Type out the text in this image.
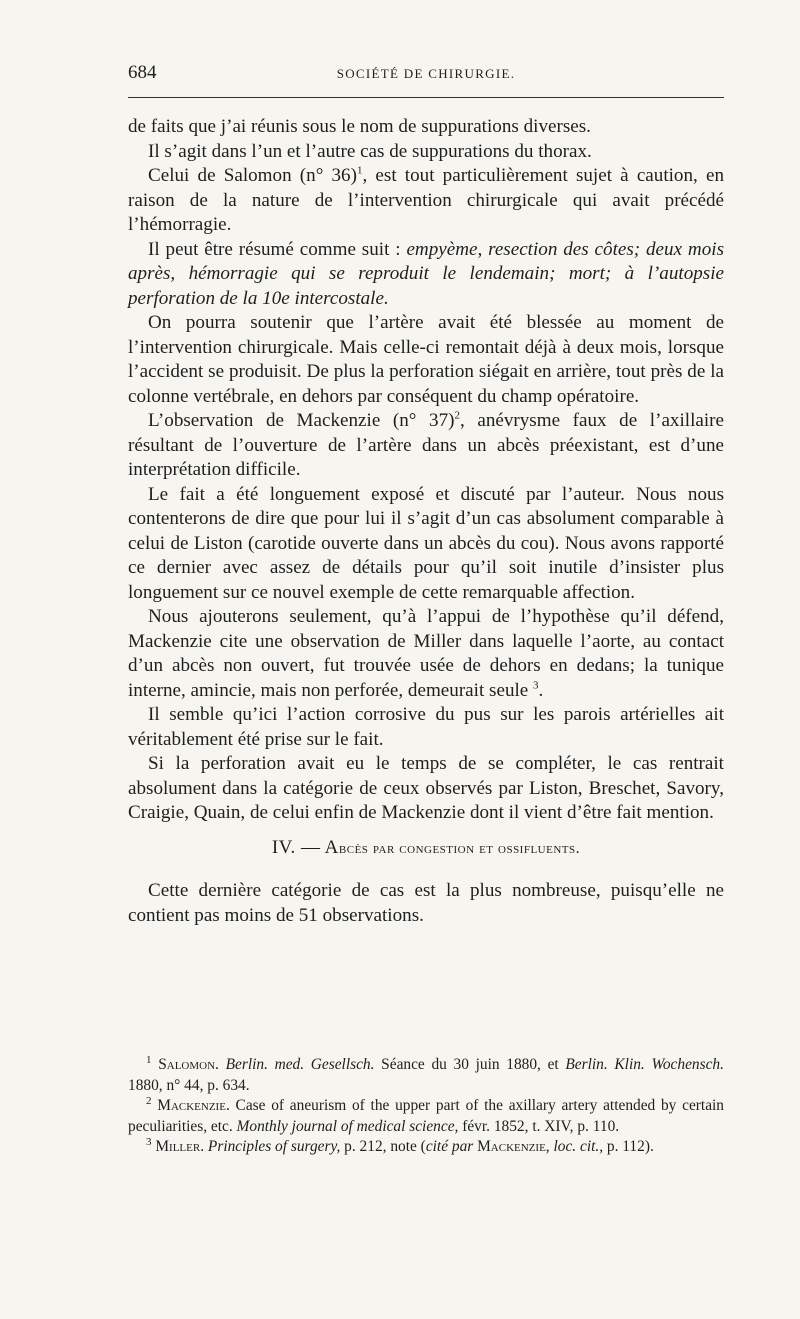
684	SOCIÉTÉ DE CHIRURGIE.

de faits que j’ai réunis sous le nom de suppurations diverses.

Il s’agit dans l’un et l’autre cas de suppurations du thorax.

Celui de Salomon (n° 36)$^1$, est tout particulièrement sujet à caution, en raison de la nature de l’intervention chirurgicale qui avait précédé l’hémorragie.

Il peut être résumé comme suit : empyème, resection des côtes; deux mois après, hémorragie qui se reproduit le lendemain; mort; à l’autopsie perforation de la 10e intercostale.

On pourra soutenir que l’artère avait été blessée au moment de l’intervention chirurgicale. Mais celle-ci remontait déjà à deux mois, lorsque l’accident se produisit. De plus la perforation siégait en arrière, tout près de la colonne vertébrale, en dehors par conséquent du champ opératoire.

L’observation de Mackenzie (n° 37)$^2$, anévrysme faux de l’axillaire résultant de l’ouverture de l’artère dans un abcès préexistant, est d’une interprétation difficile.

Le fait a été longuement exposé et discuté par l’auteur. Nous nous contenterons de dire que pour lui il s’agit d’un cas absolument comparable à celui de Liston (carotide ouverte dans un abcès du cou). Nous avons rapporté ce dernier avec assez de détails pour qu’il soit inutile d’insister plus longuement sur ce nouvel exemple de cette remarquable affection.

Nous ajouterons seulement, qu’à l’appui de l’hypothèse qu’il défend, Mackenzie cite une observation de Miller dans laquelle l’aorte, au contact d’un abcès non ouvert, fut trouvée usée de dehors en dedans; la tunique interne, amincie, mais non perforée, demeurait seule $^3$.

Il semble qu’ici l’action corrosive du pus sur les parois artérielles ait véritablement été prise sur le fait.

Si la perforation avait eu le temps de se compléter, le cas rentrait absolument dans la catégorie de ceux observés par Liston, Breschet, Savory, Craigie, Quain, de celui enfin de Mackenzie dont il vient d’être fait mention.

IV. — Abcès par congestion et ossifluents.

Cette dernière catégorie de cas est la plus nombreuse, puisqu’elle ne contient pas moins de 51 observations.

$^1$ Salomon. Berlin. med. Gesellsch. Séance du 30 juin 1880, et Berlin. Klin. Wochensch. 1880, n° 44, p. 634.

$^2$ Mackenzie. Case of aneurism of the upper part of the axillary artery attended by certain peculiarities, etc. Monthly journal of medical science, févr. 1852, t. XIV, p. 110.

$^3$ Miller. Principles of surgery, p. 212, note (cité par Mackenzie, loc. cit., p. 112).
